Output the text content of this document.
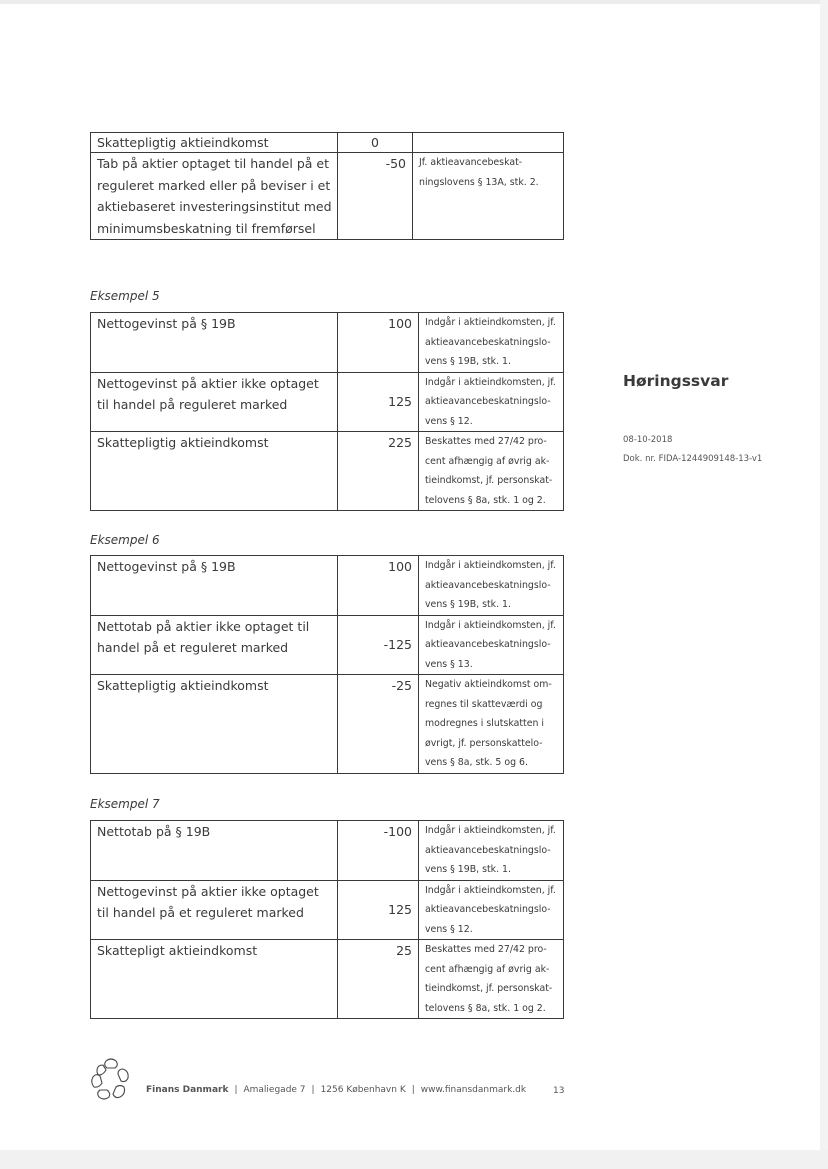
Skattepligtig aktieindkomst	0	
Tab på aktier optaget til handel på et reguleret marked eller på beviser i et aktiebaseret investeringsinstitut med minimumsbeskatning til fremførsel	-50	Jf. aktieavancebeskat- ningslovens § 13A, stk. 2.
Eksempel 5
Nettogevinst på § 19B	100	Indgår i aktieindkomsten, jf. aktieavancebeskatningslo- vens § 19B, stk. 1.
Nettogevinst på aktier ikke optaget til handel på reguleret marked	125	Indgår i aktieindkomsten, jf. aktieavancebeskatningslo- vens § 12.
Skattepligtig aktieindkomst	225	Beskattes med 27/42 pro- cent afhængig af øvrig ak- tieindkomst, jf. personskat- telovens § 8a, stk. 1 og 2.
Eksempel 6
Nettogevinst på § 19B	100	Indgår i aktieindkomsten, jf. aktieavancebeskatningslo- vens § 19B, stk. 1.
Nettotab på aktier ikke optaget til handel på et reguleret marked	-125	Indgår i aktieindkomsten, jf. aktieavancebeskatningslo- vens § 13.
Skattepligtig aktieindkomst	-25	Negativ aktieindkomst om- regnes til skatteværdi og modregnes i slutskatten i øvrigt, jf. personskattelo- vens § 8a, stk. 5 og 6.
Eksempel 7
Nettotab på § 19B	-100	Indgår i aktieindkomsten, jf. aktieavancebeskatningslo- vens § 19B, stk. 1.
Nettogevinst på aktier ikke optaget til handel på et reguleret marked	125	Indgår i aktieindkomsten, jf. aktieavancebeskatningslo- vens § 12.
Skattepligt aktieindkomst	25	Beskattes med 27/42 pro- cent afhængig af øvrig ak- tieindkomst, jf. personskat- telovens § 8a, stk. 1 og 2.
Høringssvar
08-10-2018
Dok. nr. FIDA-1244909148-13-v1
Finans Danmark | Amaliegade 7 | 1256 København K | www.finansdanmark.dk	13
